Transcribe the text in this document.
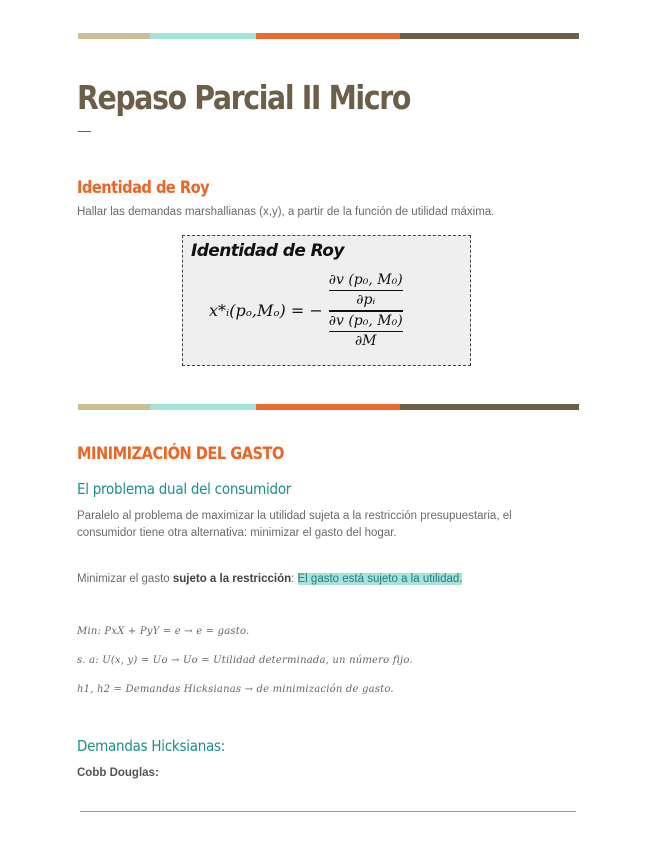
Repaso Parcial II Micro
Identidad de Roy

Hallar las demandas marshallianas (x,y), a partir de la función de utilidad máxima.

Identidad de Roy
x*ᵢ(pₒ,Mₒ) = − $\frac{\frac{\text{∂v (p₀, M₀)}}{\text{∂pᵢ}}}{\frac{\text{∂v (p₀, M₀)}}{\partial M}}$
MINIMIZACIÓN DEL GASTO
El problema dual del consumidor

Paralelo al problema de maximizar la utilidad sujeta a la restricción presupuestaria, el consumidor tiene otra alternativa: minimizar el gasto del hogar.

Minimizar el gasto sujeto a la restricción: El gasto está sujeto a la utilidad.

Min: PxX + PyY = e → e = gasto.

s. a: U(x, y) = Uo → Uo = Utilidad determinada, un número fijo.

h1, h2 = Demandas Hicksianas → de minimización de gasto.

Demandas Hicksianas:

Cobb Douglas:
